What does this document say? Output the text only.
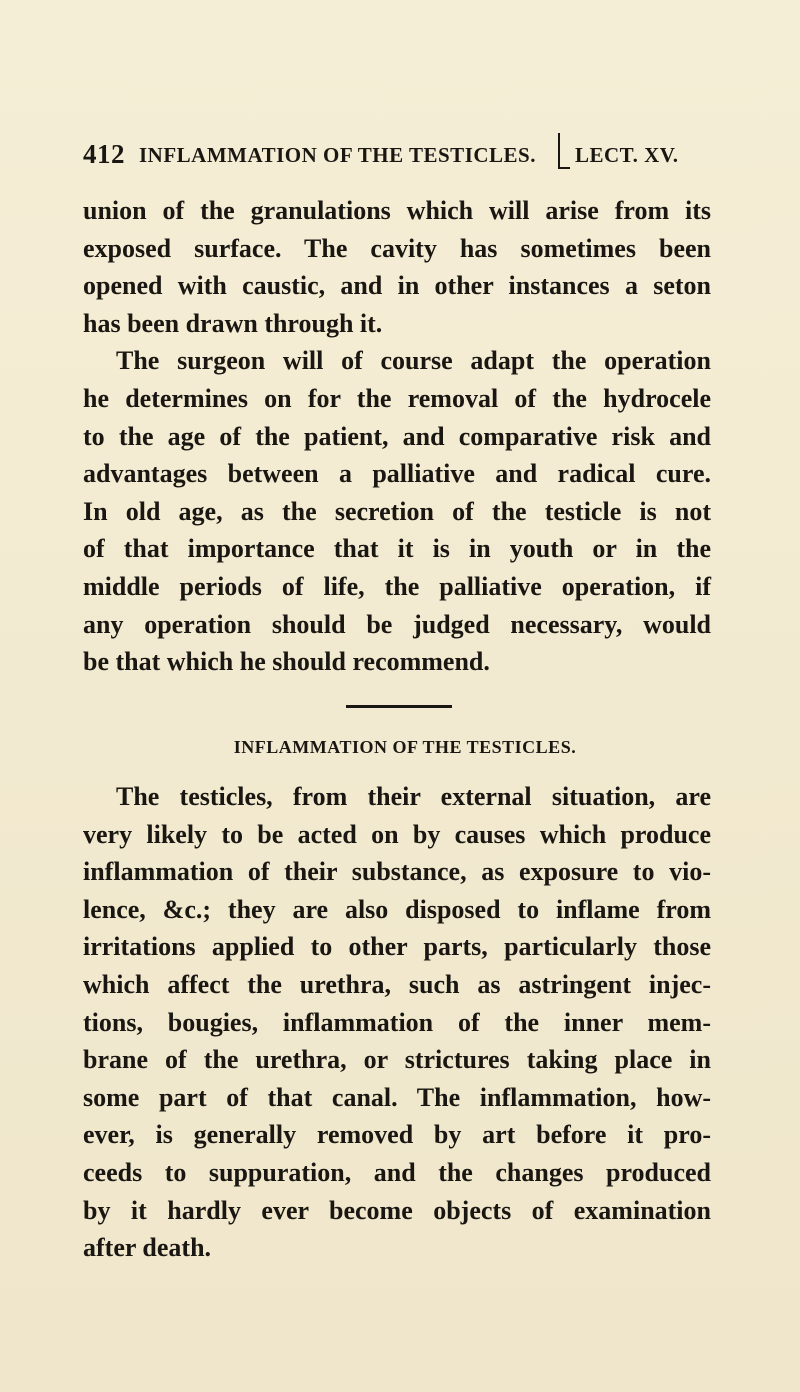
412 INFLAMMATION OF THE TESTICLES. LECT. XV.
union of the granulations which will arise from its
exposed surface. The cavity has sometimes been
opened with caustic, and in other instances a seton
has been drawn through it.
The surgeon will of course adapt the operation
he determines on for the removal of the hydrocele
to the age of the patient, and comparative risk and
advantages between a palliative and radical cure.
In old age, as the secretion of the testicle is not
of that importance that it is in youth or in the
middle periods of life, the palliative operation, if
any operation should be judged necessary, would
be that which he should recommend.
INFLAMMATION OF THE TESTICLES.
The testicles, from their external situation, are
very likely to be acted on by causes which produce
inflammation of their substance, as exposure to vio-
lence, &c.; they are also disposed to inflame from
irritations applied to other parts, particularly those
which affect the urethra, such as astringent injec-
tions, bougies, inflammation of the inner mem-
brane of the urethra, or strictures taking place in
some part of that canal. The inflammation, how-
ever, is generally removed by art before it pro-
ceeds to suppuration, and the changes produced
by it hardly ever become objects of examination
after death.
